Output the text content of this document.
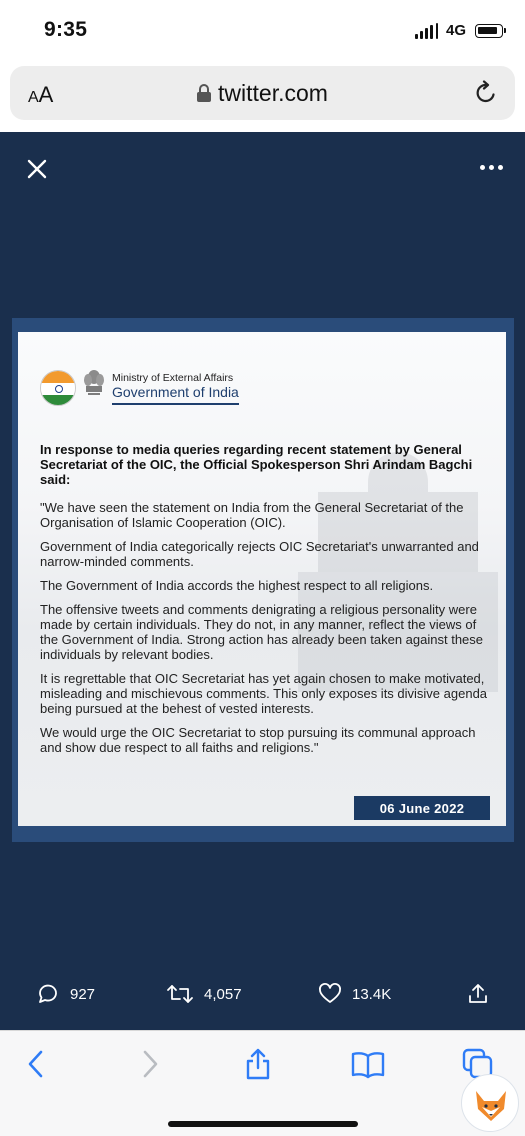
9:35	4G
AA	twitter.com
Ministry of External Affairs
Government of India

In response to media queries regarding recent statement by General Secretariat of the OIC, the Official Spokesperson Shri Arindam Bagchi said:

"We have seen the statement on India from the General Secretariat of the Organisation of Islamic Cooperation (OIC).

Government of India categorically rejects OIC Secretariat's unwarranted and narrow-minded comments.

The Government of India accords the highest respect to all religions.

The offensive tweets and comments denigrating a religious personality were made by certain individuals. They do not, in any manner, reflect the views of the Government of India. Strong action has already been taken against these individuals by relevant bodies.

It is regrettable that OIC Secretariat has yet again chosen to make motivated, misleading and mischievous comments. This only exposes its divisive agenda being pursued at the behest of vested interests.

We would urge the OIC Secretariat to stop pursuing its communal approach and show due respect to all faiths and religions."

06 June 2022
927	4,057	13.4K
